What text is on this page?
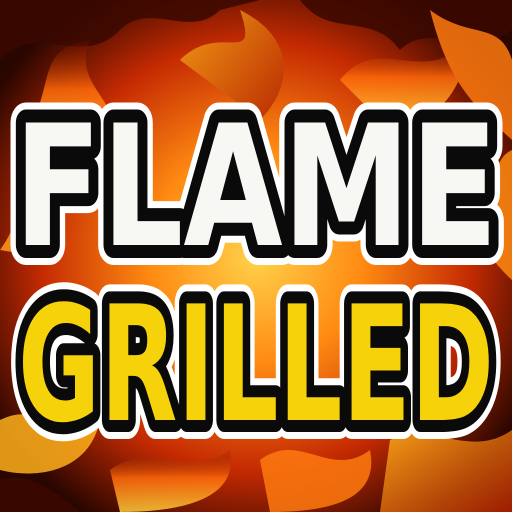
FLAME
FLAME
FLAME
GRILLED
GRILLED
GRILLED
